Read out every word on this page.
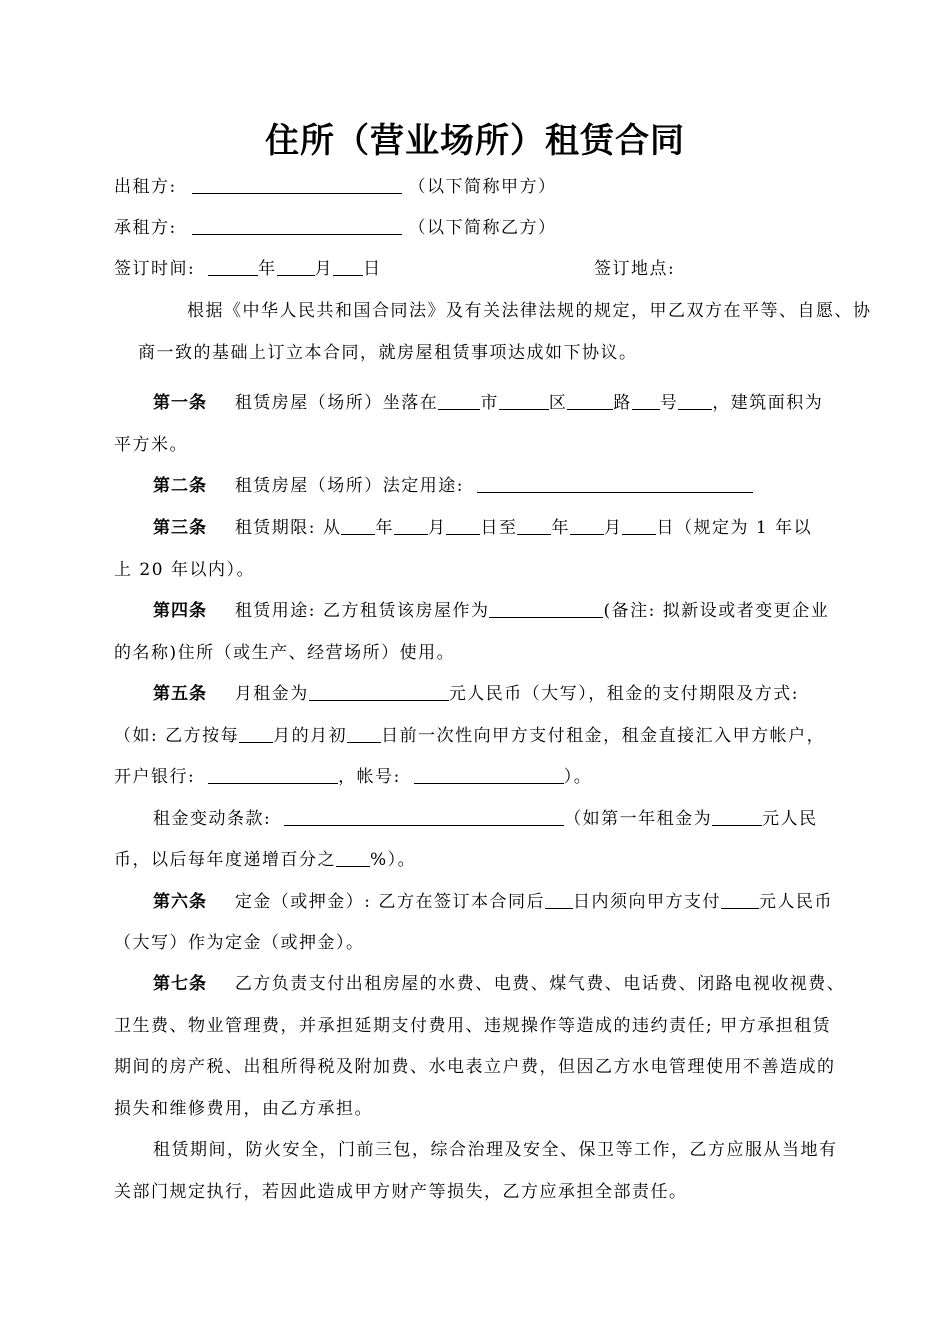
住所（营业场所）租赁合同
出租方:	（以下简称甲方）
承租方:	（以下简称乙方）
签订时间:	年 月 日	签订地点:
根据《中华人民共和国合同法》及有关法律法规的规定，甲乙双方在平等、自愿、协
商一致的基础上订立本合同，就房屋租赁事项达成如下协议。
第一条 租赁房屋（场所）坐落在 市	区	路 号 ，建筑面积为
平方米。
第二条 租赁房屋（场所）法定用途:
第三条 租赁期限: 从 年 月 日至 年 月 日（规定为 1 年以
上 20 年以内）。
第四条 租赁用途: 乙方租赁该房屋作为	(备注: 拟新设或者变更企业
的名称)住所（或生产、经营场所）使用。
第五条 月租金为	元人民币（大写），租金的支付期限及方式:
（如: 乙方按每 月的月初 日前一次性向甲方支付租金，租金直接汇入甲方帐户，
开户银行:	，帐号:	）。
租金变动条款:	（如第一年租金为	元人民
币，以后每年度递增百分之 %）。
第六条 定金（或押金）: 乙方在签订本合同后 日内须向甲方支付 元人民币
（大写）作为定金（或押金）。
第七条 乙方负责支付出租房屋的水费、电费、煤气费、电话费、闭路电视收视费、
卫生费、物业管理费，并承担延期支付费用、违规操作等造成的违约责任; 甲方承担租赁
期间的房产税、出租所得税及附加费、水电表立户费，但因乙方水电管理使用不善造成的
损失和维修费用，由乙方承担。
租赁期间，防火安全，门前三包，综合治理及安全、保卫等工作，乙方应服从当地有
关部门规定执行，若因此造成甲方财产等损失，乙方应承担全部责任。
